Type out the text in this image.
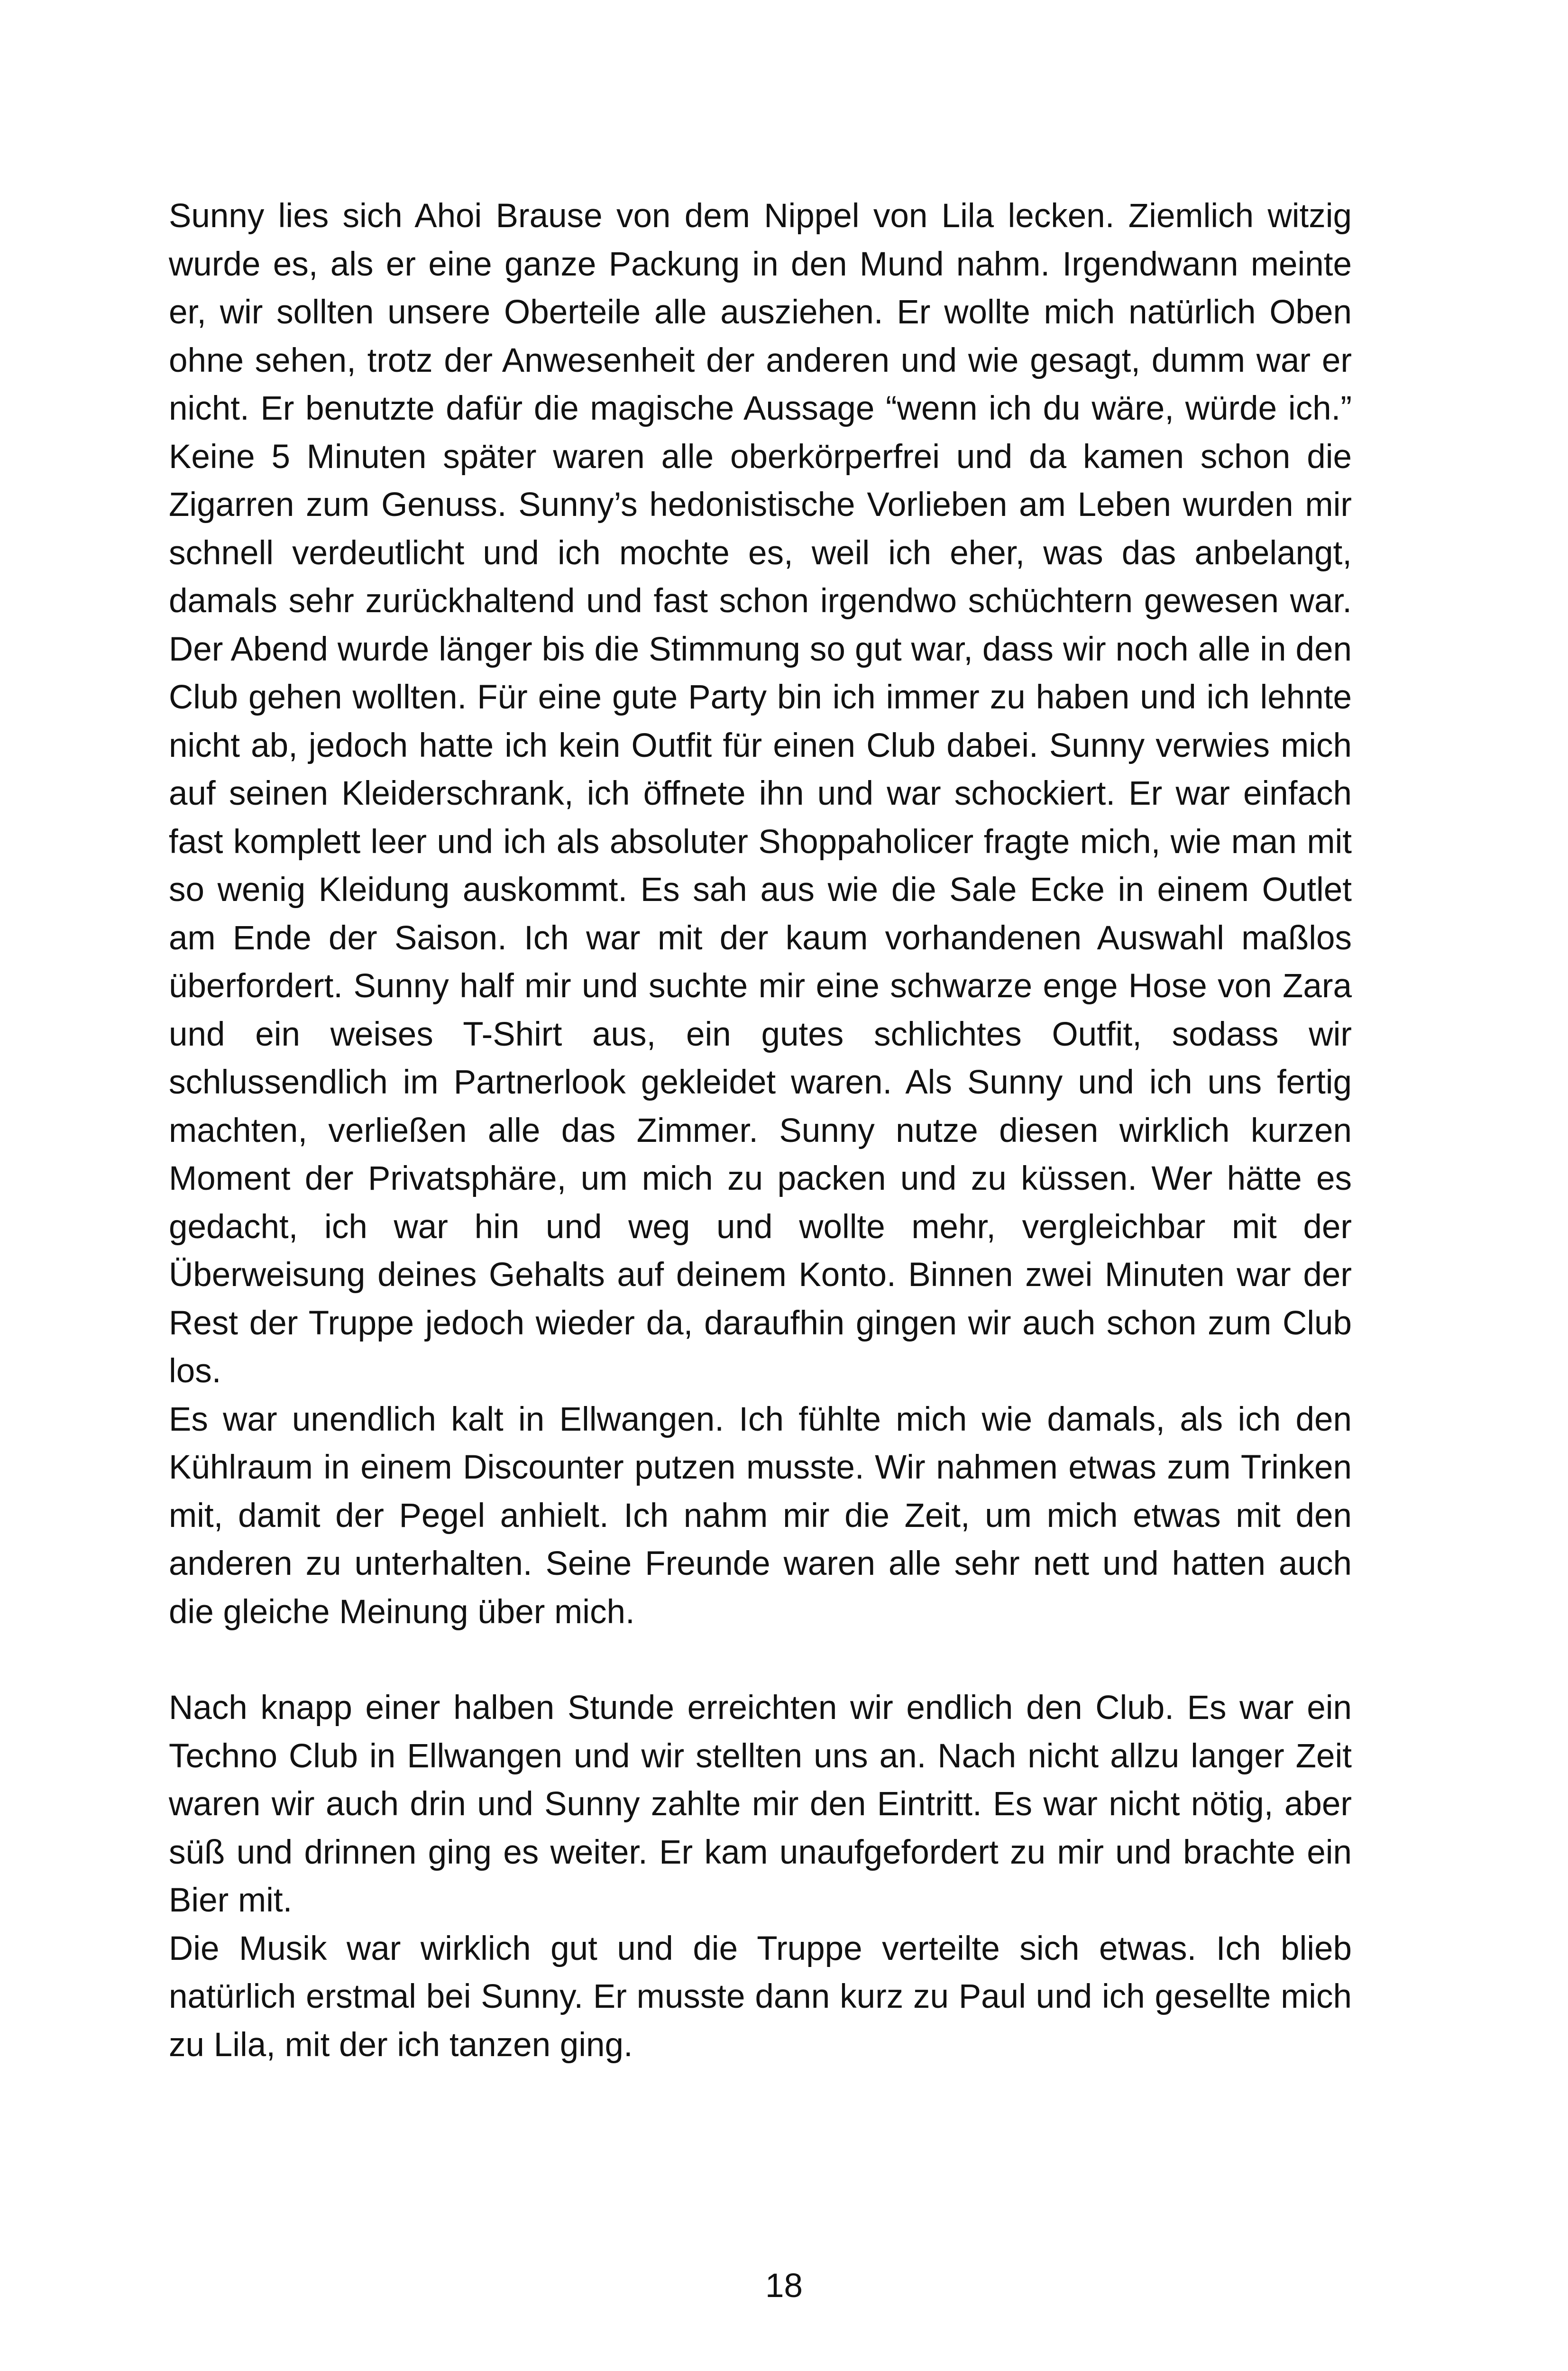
Sunny lies sich Ahoi Brause von dem Nippel von Lila lecken. Ziemlich witzig wurde es, als er eine ganze Packung in den Mund nahm. Irgendwann meinte er, wir sollten unsere Oberteile alle ausziehen. Er wollte mich natürlich Oben ohne sehen, trotz der Anwesenheit der anderen und wie gesagt, dumm war er nicht. Er benutzte dafür die magische Aussage “wenn ich du wäre, würde ich.” Keine 5 Minuten später waren alle oberkörperfrei und da kamen schon die Zigarren zum Genuss. Sunny’s hedonistische Vorlieben am Leben wurden mir schnell verdeutlicht und ich mochte es, weil ich eher, was das anbelangt, damals sehr zurückhaltend und fast schon irgendwo schüchtern gewesen war. Der Abend wurde länger bis die Stimmung so gut war, dass wir noch alle in den Club gehen wollten. Für eine gute Party bin ich immer zu haben und ich lehnte nicht ab, jedoch hatte ich kein Outfit für einen Club dabei. Sunny verwies mich auf seinen Kleiderschrank, ich öffnete ihn und war schockiert. Er war einfach fast komplett leer und ich als absoluter Shoppaholicer fragte mich, wie man mit so wenig Kleidung auskommt. Es sah aus wie die Sale Ecke in einem Outlet am Ende der Saison. Ich war mit der kaum vorhandenen Auswahl maßlos überfordert. Sunny half mir und suchte mir eine schwarze enge Hose von Zara und ein weises T-Shirt aus, ein gutes schlichtes Outfit, sodass wir schlussendlich im Partnerlook gekleidet waren. Als Sunny und ich uns fertig machten, verließen alle das Zimmer. Sunny nutze diesen wirklich kurzen Moment der Privatsphäre, um mich zu packen und zu küssen. Wer hätte es gedacht, ich war hin und weg und wollte mehr, vergleichbar mit der Überweisung deines Gehalts auf deinem Konto. Binnen zwei Minuten war der Rest der Truppe jedoch wieder da, daraufhin gingen wir auch schon zum Club los.

Es war unendlich kalt in Ellwangen. Ich fühlte mich wie damals, als ich den Kühlraum in einem Discounter putzen musste. Wir nahmen etwas zum Trinken mit, damit der Pegel anhielt. Ich nahm mir die Zeit, um mich etwas mit den anderen zu unterhalten. Seine Freunde waren alle sehr nett und hatten auch die gleiche Meinung über mich.

Nach knapp einer halben Stunde erreichten wir endlich den Club. Es war ein Techno Club in Ellwangen und wir stellten uns an. Nach nicht allzu langer Zeit waren wir auch drin und Sunny zahlte mir den Eintritt. Es war nicht nötig, aber süß und drinnen ging es weiter. Er kam unaufgefordert zu mir und brachte ein Bier mit.

Die Musik war wirklich gut und die Truppe verteilte sich etwas. Ich blieb natürlich erstmal bei Sunny. Er musste dann kurz zu Paul und ich gesellte mich zu Lila, mit der ich tanzen ging.

18
